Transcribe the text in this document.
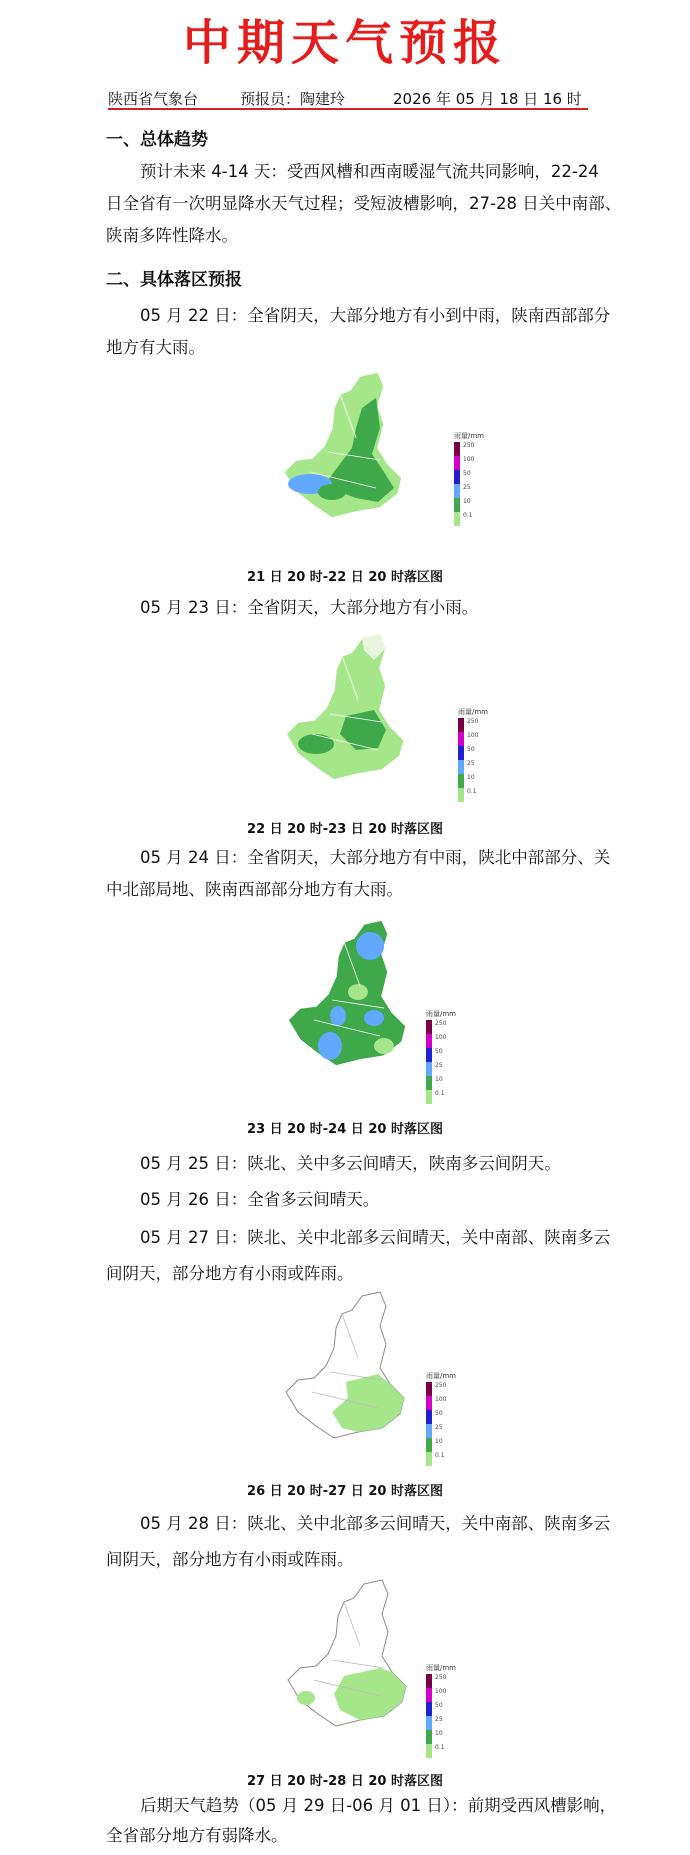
中期天气预报
陕西省气象台	预报员：陶建玲	2026 年 05 月 18 日 16 时
一、总体趋势
预计未来 4-14 天：受西风槽和西南暖湿气流共同影响，22-24
日全省有一次明显降水天气过程；受短波槽影响，27-28 日关中南部、
陕南多阵性降水。
二、具体落区预报
05 月 22 日：全省阴天，大部分地方有小到中雨，陕南西部部分
地方有大雨。
雨量/mm
250
100
50
25
10
0.1
21 日 20 时-22 日 20 时落区图
05 月 23 日：全省阴天，大部分地方有小雨。
雨量/mm
250
100
50
25
10
0.1
22 日 20 时-23 日 20 时落区图
05 月 24 日：全省阴天，大部分地方有中雨，陕北中部部分、关
中北部局地、陕南西部部分地方有大雨。
雨量/mm
250
100
50
25
10
0.1
23 日 20 时-24 日 20 时落区图
05 月 25 日：陕北、关中多云间晴天，陕南多云间阴天。
05 月 26 日：全省多云间晴天。
05 月 27 日：陕北、关中北部多云间晴天，关中南部、陕南多云
间阴天，部分地方有小雨或阵雨。
雨量/mm
250
100
50
25
10
0.1
26 日 20 时-27 日 20 时落区图
05 月 28 日：陕北、关中北部多云间晴天，关中南部、陕南多云
间阴天，部分地方有小雨或阵雨。
雨量/mm
250
100
50
25
10
0.1
27 日 20 时-28 日 20 时落区图
后期天气趋势（05 月 29 日-06 月 01 日）：前期受西风槽影响，
全省部分地方有弱降水。
